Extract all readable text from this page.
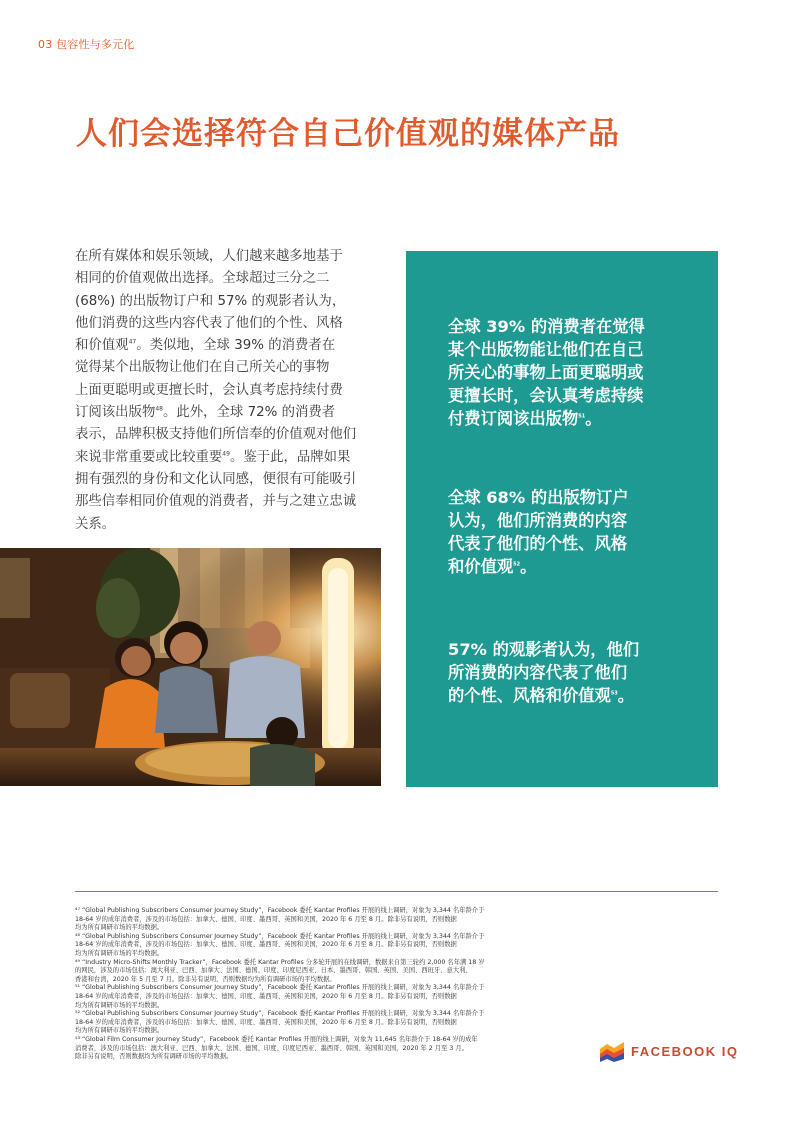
03 包容性与多元化
人们会选择符合自己价值观的媒体产品

在所有媒体和娱乐领域，人们越来越多地基于

相同的价值观做出选择。全球超过三分之二

(68%) 的出版物订户和 57% 的观影者认为，

他们消费的这些内容代表了他们的个性、风格

和价值观$^{47}$。类似地，全球 39% 的消费者在

觉得某个出版物让他们在自己所关心的事物

上面更聪明或更擅长时，会认真考虑持续付费

订阅该出版物$^{48}$。此外，全球 72% 的消费者

表示，品牌积极支持他们所信奉的价值观对他们

来说非常重要或比较重要$^{49}$。鉴于此，品牌如果

拥有强烈的身份和文化认同感，便很有可能吸引

那些信奉相同价值观的消费者，并与之建立忠诚

关系。

全球 39% 的消费者在觉得

某个出版物能让他们在自己

所关心的事物上面更聪明或

更擅长时，会认真考虑持续

付费订阅该出版物$^{51}$。

全球 68% 的出版物订户

认为，他们所消费的内容

代表了他们的个性、风格

和价值观$^{52}$。

57% 的观影者认为，他们

所消费的内容代表了他们

的个性、风格和价值观$^{53}$。

⁴⁷ “Global Publishing Subscribers Consumer Journey Study”，Facebook 委托 Kantar Profiles 开展的线上调研，对象为 3,344 名年龄介于

18-64 岁的成年消费者，涉及的市场包括：加拿大、德国、印度、墨西哥、英国和美国，2020 年 6 月至 8 月。除非另有说明，否则数据

均为所有调研市场的平均数据。

⁴⁸ “Global Publishing Subscribers Consumer Journey Study”，Facebook 委托 Kantar Profiles 开展的线上调研，对象为 3,344 名年龄介于

18-64 岁的成年消费者，涉及的市场包括：加拿大、德国、印度、墨西哥、英国和美国，2020 年 6 月至 8 月。除非另有说明，否则数据

均为所有调研市场的平均数据。

⁴⁹ “Industry Micro-Shifts Monthly Tracker”，Facebook 委托 Kantar Profiles 分多轮开展的在线调研，数据来自第三轮约 2,000 名年满 18 岁

的网民，涉及的市场包括：澳大利亚、巴西、加拿大、法国、德国、印度、印度尼西亚、日本、墨西哥、韩国、英国、美国、西班牙、意大利、

香港和台湾，2020 年 5 月至 7 月。除非另有说明，否则数据均为所有调研市场的平均数据。

⁵¹ “Global Publishing Subscribers Consumer Journey Study”，Facebook 委托 Kantar Profiles 开展的线上调研，对象为 3,344 名年龄介于

18-64 岁的成年消费者，涉及的市场包括：加拿大、德国、印度、墨西哥、英国和美国，2020 年 6 月至 8 月。除非另有说明，否则数据

均为所有调研市场的平均数据。

⁵² “Global Publishing Subscribers Consumer Journey Study”，Facebook 委托 Kantar Profiles 开展的线上调研，对象为 3,344 名年龄介于

18-64 岁的成年消费者，涉及的市场包括：加拿大、德国、印度、墨西哥、英国和美国，2020 年 6 月至 8 月。除非另有说明，否则数据

均为所有调研市场的平均数据。

⁵³ “Global Film Consumer Journey Study”，Facebook 委托 Kantar Profiles 开展的线上调研，对象为 11,645 名年龄介于 18-64 岁的成年

消费者，涉及的市场包括：澳大利亚、巴西、加拿大、法国、德国、印度、印度尼西亚、墨西哥、韩国、英国和美国，2020 年 2 月至 3 月。

除非另有说明，否则数据均为所有调研市场的平均数据。	FACEBOOK IQ
